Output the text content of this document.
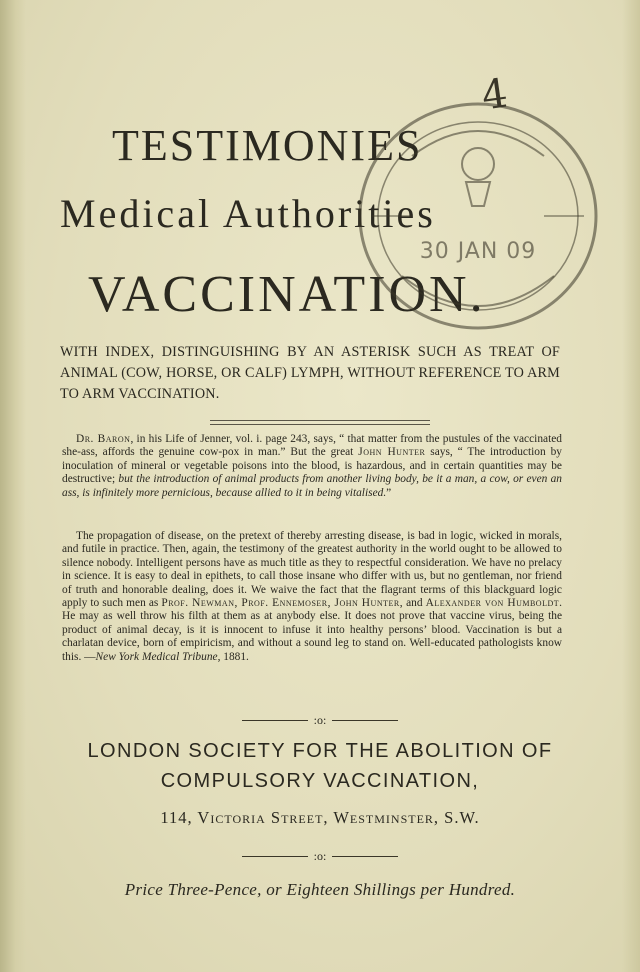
4
TESTIMONIES
Medical Authorities
VACCINATION.
30 JAN 09
WITH INDEX, DISTINGUISHING BY AN ASTERISK SUCH AS TREAT OF ANIMAL (COW, HORSE, OR CALF) LYMPH, WITHOUT REFERENCE TO ARM TO ARM VACCINATION.
Dr. Baron, in his Life of Jenner, vol. i. page 243, says, “ that matter from the pustules of the vaccinated she-ass, affords the genuine cow-pox in man.” But the great John Hunter says, “ The introduction by inoculation of mineral or vegetable poisons into the blood, is hazardous, and in certain quantities may be destructive; but the introduction of animal products from another living body, be it a man, a cow, or even an ass, is infinitely more pernicious, because allied to it in being vitalised.”
The propagation of disease, on the pretext of thereby arresting disease, is bad in logic, wicked in morals, and futile in practice. Then, again, the testimony of the greatest authority in the world ought to be allowed to silence nobody. Intelligent persons have as much title as they to respectful consideration. We have no prelacy in science. It is easy to deal in epithets, to call those insane who differ with us, but no gentleman, nor friend of truth and honorable dealing, does it. We waive the fact that the flagrant terms of this blackguard logic apply to such men as Prof. Newman, Prof. Ennemoser, John Hunter, and Alexander von Humboldt. He may as well throw his filth at them as at anybody else. It does not prove that vaccine virus, being the product of animal decay, is it is innocent to infuse it into healthy persons’ blood. Vaccination is but a charlatan device, born of empiricism, and without a sound leg to stand on. Well-educated pathologists know this. —New York Medical Tribune, 1881.
:o:
LONDON SOCIETY FOR THE ABOLITION OF
COMPULSORY VACCINATION,
114, Victoria Street, Westminster, S.W.
:o:
Price Three-Pence, or Eighteen Shillings per Hundred.
